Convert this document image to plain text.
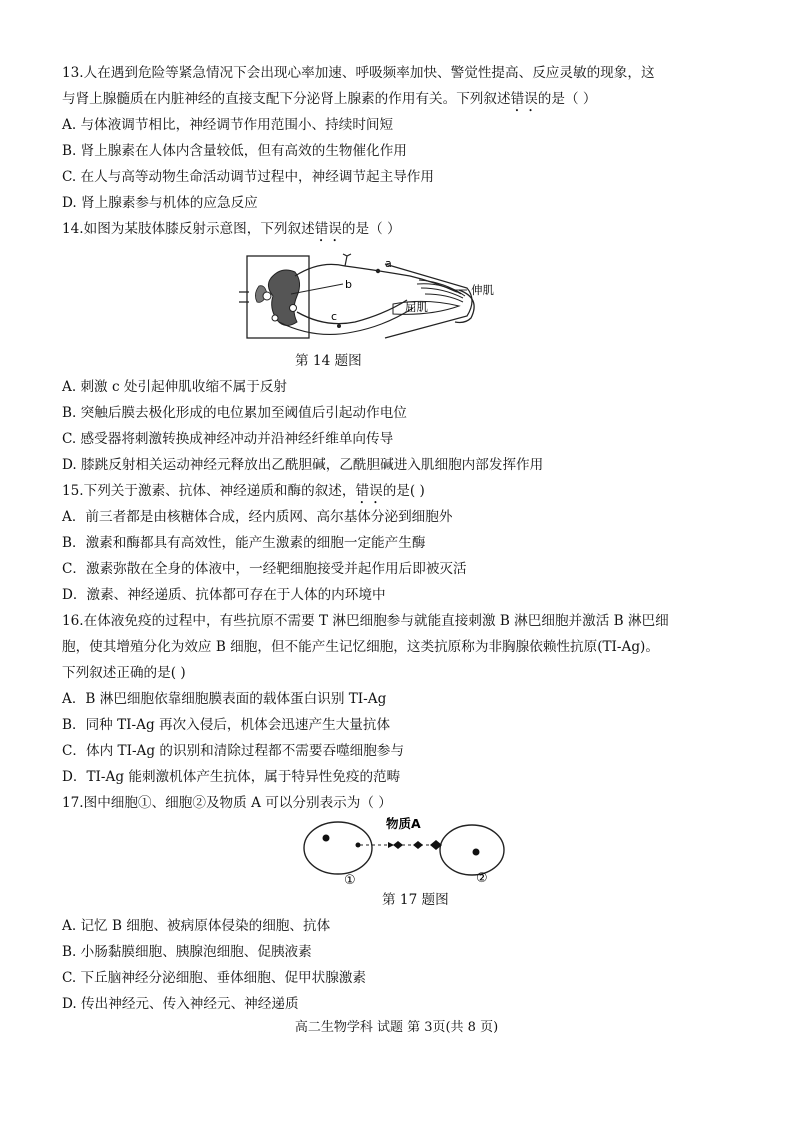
13.人在遇到危险等紧急情况下会出现心率加速、呼吸频率加快、警觉性提高、反应灵敏的现象，这
与肾上腺髓质在内脏神经的直接支配下分泌肾上腺素的作用有关。下列叙述错误的是（ ）
A. 与体液调节相比，神经调节作用范围小、持续时间短
B. 肾上腺素在人体内含量较低，但有高效的生物催化作用
C. 在人与高等动物生命活动调节过程中，神经调节起主导作用
D. 肾上腺素参与机体的应急反应
14.如图为某肢体膝反射示意图，下列叙述错误的是（ ）
a
c
b
屈肌
伸肌
第 14 题图
A. 刺激 c 处引起伸肌收缩不属于反射
B. 突触后膜去极化形成的电位累加至阈值后引起动作电位
C. 感受器将刺激转换成神经冲动并沿神经纤维单向传导
D. 膝跳反射相关运动神经元释放出乙酰胆碱，乙酰胆碱进入肌细胞内部发挥作用
15.下列关于激素、抗体、神经递质和酶的叙述，错误的是( )
A．前三者都是由核糖体合成，经内质网、高尔基体分泌到细胞外
B．激素和酶都具有高效性，能产生激素的细胞一定能产生酶
C．激素弥散在全身的体液中，一经靶细胞接受并起作用后即被灭活
D．激素、神经递质、抗体都可存在于人体的内环境中
16.在体液免疫的过程中，有些抗原不需要 T 淋巴细胞参与就能直接刺激 B 淋巴细胞并激活 B 淋巴细
胞，使其增殖分化为效应 B 细胞，但不能产生记忆细胞，这类抗原称为非胸腺依赖性抗原(TI-Ag)。
下列叙述正确的是( )
A．B 淋巴细胞依靠细胞膜表面的载体蛋白识别 TI-Ag
B．同种 TI-Ag 再次入侵后，机体会迅速产生大量抗体
C．体内 TI-Ag 的识别和清除过程都不需要吞噬细胞参与
D．TI-Ag 能刺激机体产生抗体，属于特异性免疫的范畴
17.图中细胞①、细胞②及物质 A 可以分别表示为（ ）
物质A
①	②
第 17 题图
A. 记忆 B 细胞、被病原体侵染的细胞、抗体
B. 小肠黏膜细胞、胰腺泡细胞、促胰液素
C. 下丘脑神经分泌细胞、垂体细胞、促甲状腺激素
D. 传出神经元、传入神经元、神经递质
高二生物学科 试题 第 3页(共 8 页)
